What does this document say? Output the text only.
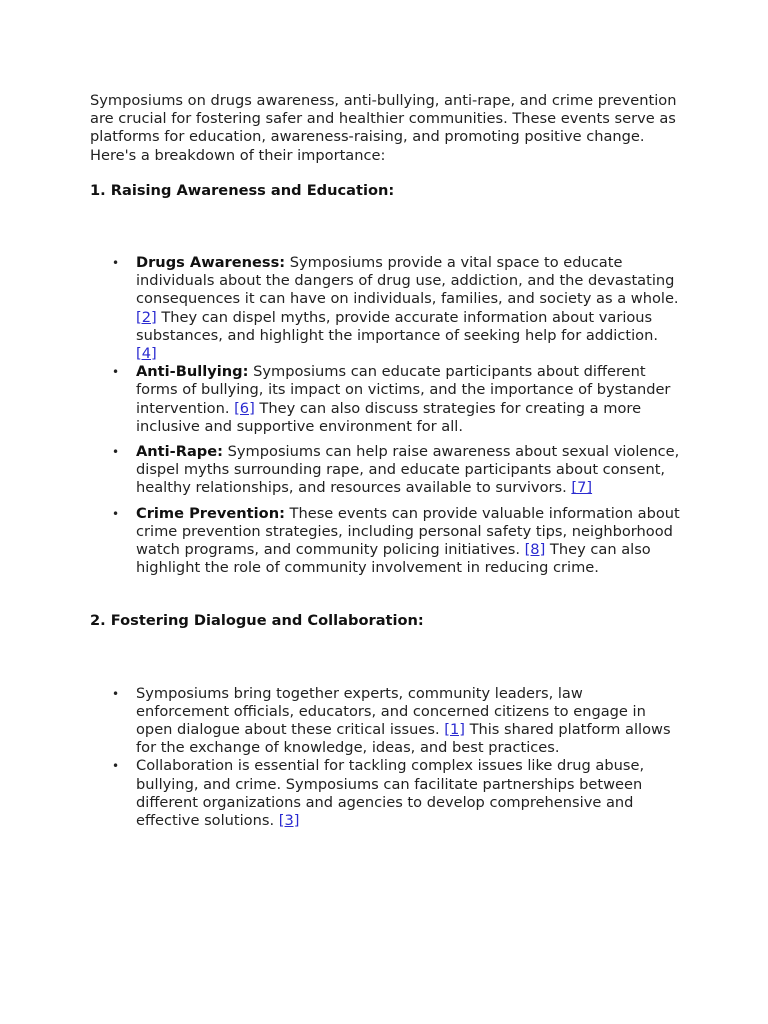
Symposiums on drugs awareness, anti-bullying, anti-rape, and crime prevention are crucial for fostering safer and healthier communities. These events serve as platforms for education, awareness-raising, and promoting positive change. Here's a breakdown of their importance:

1. Raising Awareness and Education:

• Drugs Awareness: Symposiums provide a vital space to educate individuals about the dangers of drug use, addiction, and the devastating consequences it can have on individuals, families, and society as a whole. [2] They can dispel myths, provide accurate information about various substances, and highlight the importance of seeking help for addiction. [4]
• Anti-Bullying: Symposiums can educate participants about different forms of bullying, its impact on victims, and the importance of bystander intervention. [6] They can also discuss strategies for creating a more inclusive and supportive environment for all.
• Anti-Rape: Symposiums can help raise awareness about sexual violence, dispel myths surrounding rape, and educate participants about consent, healthy relationships, and resources available to survivors. [7]
• Crime Prevention: These events can provide valuable information about crime prevention strategies, including personal safety tips, neighborhood watch programs, and community policing initiatives. [8] They can also highlight the role of community involvement in reducing crime.

2. Fostering Dialogue and Collaboration:

• Symposiums bring together experts, community leaders, law enforcement officials, educators, and concerned citizens to engage in open dialogue about these critical issues. [1] This shared platform allows for the exchange of knowledge, ideas, and best practices.
• Collaboration is essential for tackling complex issues like drug abuse, bullying, and crime. Symposiums can facilitate partnerships between different organizations and agencies to develop comprehensive and effective solutions. [3]
